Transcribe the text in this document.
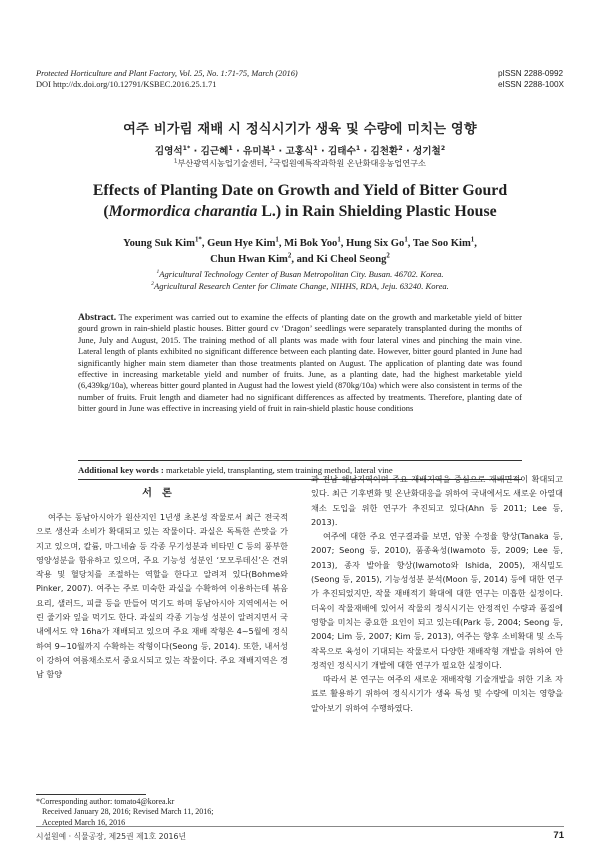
Protected Horticulture and Plant Factory, Vol. 25, No. 1:71-75, March (2016)
DOI http://dx.doi.org/10.12791/KSBEC.2016.25.1.71
pISSN 2288-0992
eISSN 2288-100X
여주 비가림 재배 시 정식시기가 생육 및 수량에 미치는 영향
김영석$^{1*}$ · 김근혜$^1$ · 유미복$^1$ · 고홍식$^1$ · 김태수$^1$ · 김천환$^2$ · 성기철$^2$
$^1$부산광역시농업기술센터, $^2$국립원예특작과학원 온난화대응농업연구소
Effects of Planting Date on Growth and Yield of Bitter Gourd
(Mormordica charantia L.) in Rain Shielding Plastic House
Young Suk Kim$^{1*}$, Geun Hye Kim$^1$, Mi Bok Yoo$^1$, Hung Six Go$^1$, Tae Soo Kim$^1$,
Chun Hwan Kim$^2$, and Ki Cheol Seong$^2$
$^1$Agricultural Technology Center of Busan Metropolitan City. Busan. 46702. Korea.
$^2$Agricultural Research Center for Climate Change, NIHHS, RDA, Jeju. 63240. Korea.
Abstract. The experiment was carried out to examine the effects of planting date on the growth and marketable yield of bitter gourd grown in rain-shield plastic houses. Bitter gourd cv ‘Dragon’ seedlings were separately transplanted during the months of June, July and August, 2015. The training method of all plants was made with four lateral vines and pinching the main vine. Lateral length of plants exhibited no significant difference between each planting date. However, bitter gourd planted in June had significantly higher main stem diameter than those treatments planted on August. The application of planting date was found effective in increasing marketable yield and number of fruits. June, as a planting date, had the highest marketable yield (6,439kg/10a), whereas bitter gourd planted in August had the lowest yield (870kg/10a) which were also consistent in terms of the number of fruits. Fruit length and diameter had no significant differences as affected by treatments. Therefore, planting date of bitter gourd in June was effective in increasing yield of fruit in rain-shield plastic house conditions
Additional key words : marketable yield, transplanting, stem training method, lateral vine
서론

여주는 동남아시아가 원산지인 1년생 초본성 작물로서 최근 전국적으로 생산과 소비가 확대되고 있는 작물이다. 과실은 독특한 쓴맛을 가지고 있으며, 칼륨, 마그네슘 등 각종 무기성분과 비타민 C 등의 풍부한 영양성분을 함유하고 있으며, 주요 기능성 성분인 ‘모모루데신’은 견위작용 및 혈당치를 조절하는 역할을 한다고 알려져 있다(Bohme와 Pinker, 2007). 여주는 주로 미숙한 과실을 수확하여 이용하는데 볶음요리, 샐러드, 피클 등을 만들어 먹기도 하며 동남아시아 지역에서는 어린 줄기와 잎을 먹기도 한다. 과실의 각종 기능성 성분이 알려지면서 국내에서도 약 16ha가 재배되고 있으며 주요 재배 작형은 4~5월에 정식하여 9~10월까지 수확하는 작형이다(Seong 등, 2014). 또한, 내서성이 강하여 여름채소로서 중요시되고 있는 작물이다. 주요 재배지역은 경남 함양

과 전남 해남지역이며 주요 재배지역을 중심으로 재배면적이 확대되고 있다. 최근 기후변화 및 온난화대응을 위하여 국내에서도 새로운 아열대채소 도입을 위한 연구가 추진되고 있다(Ahn 등 2011; Lee 등, 2013).

여주에 대한 주요 연구결과를 보면, 암꽃 수정율 향상(Tanaka 등, 2007; Seong 등, 2010), 품종육성(Iwamoto 등, 2009; Lee 등, 2013), 종자 발아율 향상(Iwamoto와 Ishida, 2005), 재식밀도(Seong 등, 2015), 기능성성분 분석(Moon 등, 2014) 등에 대한 연구가 추진되었지만, 작물 재배적기 확대에 대한 연구는 미흡한 실정이다. 더욱이 작물재배에 있어서 작물의 정식시기는 안정적인 수량과 품질에 영향을 미치는 중요한 요인이 되고 있는데(Park 등, 2004; Seong 등, 2004; Lim 등, 2007; Kim 등, 2013), 여주는 향후 소비확대 및 소득작목으로 육성이 기대되는 작물로서 다양한 재배작형 개발을 위하여 안정적인 정식시기 개발에 대한 연구가 필요한 실정이다.

따라서 본 연구는 여주의 새로운 재배작형 기술개발을 위한 기초 자료로 활용하기 위하여 정식시기가 생육 특성 및 수량에 미치는 영향을 알아보기 위하여 수행하였다.

*Corresponding author: tomato4@korea.kr
Received January 28, 2016; Revised March 11, 2016;
Accepted March 16, 2016
시설원예 · 식물공장, 제25권 제1호 2016년	71
